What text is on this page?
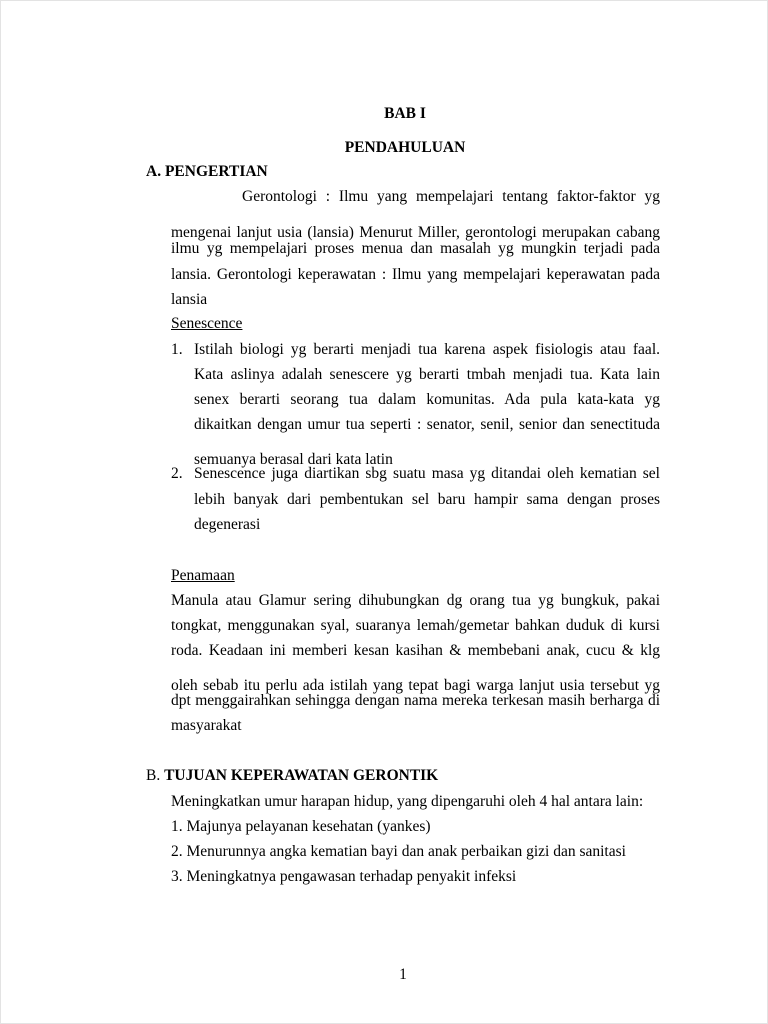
BAB I
PENDAHULUAN
A. PENGERTIAN
Gerontologi : Ilmu yang mempelajari tentang faktor-faktor yg
mengenai lanjut usia (lansia) Menurut Miller, gerontologi merupakan cabang
ilmu yg mempelajari proses menua dan masalah yg mungkin terjadi pada
lansia. Gerontologi keperawatan : Ilmu yang mempelajari keperawatan pada
lansia
Senescence
1. Istilah biologi yg berarti menjadi tua karena aspek fisiologis atau faal.
Kata aslinya adalah senescere yg berarti tmbah menjadi tua. Kata lain
senex berarti seorang tua dalam komunitas. Ada pula kata-kata yg
dikaitkan dengan umur tua seperti : senator, senil, senior dan senectituda
semuanya berasal dari kata latin
2. Senescence juga diartikan sbg suatu masa yg ditandai oleh kematian sel
lebih banyak dari pembentukan sel baru hampir sama dengan proses
degenerasi
Penamaan
Manula atau Glamur sering dihubungkan dg orang tua yg bungkuk, pakai
tongkat, menggunakan syal, suaranya lemah/gemetar bahkan duduk di kursi
roda. Keadaan ini memberi kesan kasihan & membebani anak, cucu & klg
oleh sebab itu perlu ada istilah yang tepat bagi warga lanjut usia tersebut yg
dpt menggairahkan sehingga dengan nama mereka terkesan masih berharga di
masyarakat
B. TUJUAN KEPERAWATAN GERONTIK
Meningkatkan umur harapan hidup, yang dipengaruhi oleh 4 hal antara lain:
1. Majunya pelayanan kesehatan (yankes)
2. Menurunnya angka kematian bayi dan anak perbaikan gizi dan sanitasi
3. Meningkatnya pengawasan terhadap penyakit infeksi
1
